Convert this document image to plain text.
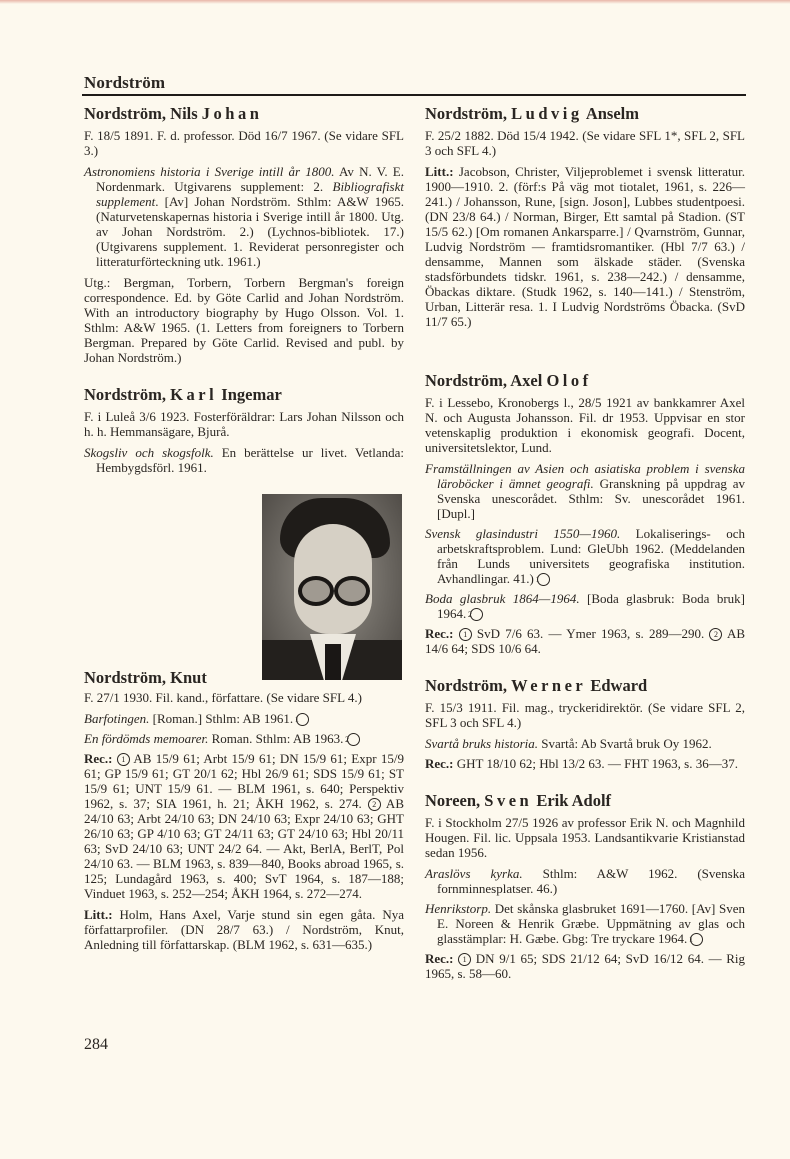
Nordström
Nordström, Nils Johan

F. 18/5 1891. F. d. professor. Död 16/7 1967. (Se vidare SFL 3.)

Astronomiens historia i Sverige intill år 1800. Av N. V. E. Nordenmark. Utgivarens supplement: 2. Bibliografiskt supplement. [Av] Johan Nordström. Sthlm: A&W 1965. (Naturvetenskapernas historia i Sverige intill år 1800. Utg. av Johan Nordström. 2.) (Lychnos-bibliotek. 17.) (Utgivarens supplement. 1. Reviderat personregister och litteraturförteckning utk. 1961.)

Utg.: Bergman, Torbern, Torbern Bergman's foreign correspondence. Ed. by Göte Carlid and Johan Nordström. With an introductory biography by Hugo Olsson. Vol. 1. Sthlm: A&W 1965. (1. Letters from foreigners to Torbern Bergman. Prepared by Göte Carlid. Revised and publ. by Johan Nordström.)

Nordström, Karl Ingemar

F. i Luleå 3/6 1923. Fosterföräldrar: Lars Johan Nilsson och h. h. Hemmansägare, Bjurå.

Skogsliv och skogsfolk. En berättelse ur livet. Vetlanda: Hembygdsförl. 1961.

Nordström, Knut

F. 27/1 1930. Fil. kand., författare. (Se vidare SFL 4.)

Barfotingen. [Roman.] Sthlm: AB 1961. 1

En fördömds memoarer. Roman. Sthlm: AB 1963. 2

Rec.: 1 AB 15/9 61; Arbt 15/9 61; DN 15/9 61; Expr 15/9 61; GP 15/9 61; GT 20/1 62; Hbl 26/9 61; SDS 15/9 61; ST 15/9 61; UNT 15/9 61. — BLM 1961, s. 640; Perspektiv 1962, s. 37; SIA 1961, h. 21; ÅKH 1962, s. 274. 2 AB 24/10 63; Arbt 24/10 63; DN 24/10 63; Expr 24/10 63; GHT 26/10 63; GP 4/10 63; GT 24/11 63; GT 24/10 63; Hbl 20/11 63; SvD 24/10 63; UNT 24/2 64. — Akt, BerlA, BerlT, Pol 24/10 63. — BLM 1963, s. 839—840, Books abroad 1965, s. 125; Lundagård 1963, s. 400; SvT 1964, s. 187—188; Vinduet 1963, s. 252—254; ÅKH 1964, s. 272—274.

Litt.: Holm, Hans Axel, Varje stund sin egen gåta. Nya författarprofiler. (DN 28/7 63.) / Nordström, Knut, Anledning till författarskap. (BLM 1962, s. 631—635.)

Nordström, Ludvig Anselm

F. 25/2 1882. Död 15/4 1942. (Se vidare SFL 1*, SFL 2, SFL 3 och SFL 4.)

Litt.: Jacobson, Christer, Viljeproblemet i svensk litteratur. 1900—1910. 2. (förf:s På väg mot tiotalet, 1961, s. 226—241.) / Johansson, Rune, [sign. Joson], Lubbes studentpoesi. (DN 23/8 64.) / Norman, Birger, Ett samtal på Stadion. (ST 15/5 62.) [Om romanen Ankarsparre.] / Qvarnström, Gunnar, Ludvig Nordström — framtidsromantiker. (Hbl 7/7 63.) / densamme, Mannen som älskade städer. (Svenska stadsförbundets tidskr. 1961, s. 238—242.) / densamme, Öbackas diktare. (Studk 1962, s. 140—141.) / Stenström, Urban, Litterär resa. 1. I Ludvig Nordströms Öbacka. (SvD 11/7 65.)

Nordström, Axel Olof

F. i Lessebo, Kronobergs l., 28/5 1921 av bankkamrer Axel N. och Augusta Johansson. Fil. dr 1953. Uppvisar en stor vetenskaplig produktion i ekonomisk geografi. Docent, universitetslektor, Lund.

Framställningen av Asien och asiatiska problem i svenska läroböcker i ämnet geografi. Granskning på uppdrag av Svenska unescorådet. Sthlm: Sv. unescorådet 1961. [Dupl.]

Svensk glasindustri 1550—1960. Lokaliserings- och arbetskraftsproblem. Lund: GleUbh 1962. (Meddelanden från Lunds universitets geografiska institution. Avhandlingar. 41.) 1

Boda glasbruk 1864—1964. [Boda glasbruk: Boda bruk] 1964. 2

Rec.: 1 SvD 7/6 63. — Ymer 1963, s. 289—290. 2 AB 14/6 64; SDS 10/6 64.

Nordström, Werner Edward

F. 15/3 1911. Fil. mag., tryckeridirektör. (Se vidare SFL 2, SFL 3 och SFL 4.)

Svartå bruks historia. Svartå: Ab Svartå bruk Oy 1962.

Rec.: GHT 18/10 62; Hbl 13/2 63. — FHT 1963, s. 36—37.

Noreen, Sven Erik Adolf

F. i Stockholm 27/5 1926 av professor Erik N. och Magnhild Hougen. Fil. lic. Uppsala 1953. Landsantikvarie Kristianstad sedan 1956.

Araslövs kyrka. Sthlm: A&W 1962. (Svenska fornminnesplatser. 46.)

Henrikstorp. Det skånska glasbruket 1691—1760. [Av] Sven E. Noreen & Henrik Græbe. Uppmätning av glas och glasstämplar: H. Gæbe. Gbg: Tre tryckare 1964. 1

Rec.: 1 DN 9/1 65; SDS 21/12 64; SvD 16/12 64. — Rig 1965, s. 58—60.

284
